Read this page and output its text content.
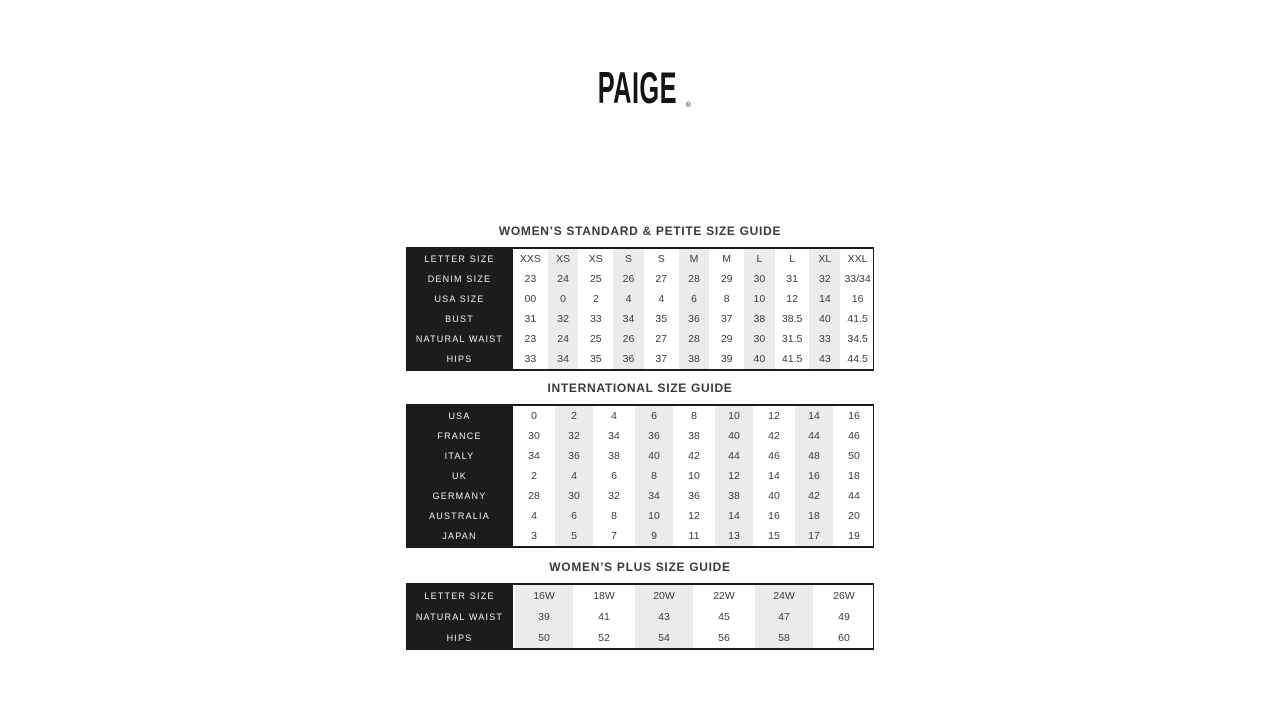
PAIGE ®
WOMEN’S STANDARD & PETITE SIZE GUIDE
LETTER SIZE	XXS	XS	XS	S	S	M	M	L	L	XL	XXL
DENIM SIZE	23	24	25	26	27	28	29	30	31	32	33/34
USA SIZE	00	0	2	4	4	6	8	10	12	14	16
BUST	31	32	33	34	35	36	37	38	38.5	40	41.5
NATURAL WAIST	23	24	25	26	27	28	29	30	31.5	33	34.5
HIPS	33	34	35	36	37	38	39	40	41.5	43	44.5
INTERNATIONAL SIZE GUIDE
USA	0	2	4	6	8	10	12	14	16
FRANCE	30	32	34	36	38	40	42	44	46
ITALY	34	36	38	40	42	44	46	48	50
UK	2	4	6	8	10	12	14	16	18
GERMANY	28	30	32	34	36	38	40	42	44
AUSTRALIA	4	6	8	10	12	14	16	18	20
JAPAN	3	5	7	9	11	13	15	17	19
WOMEN’S PLUS SIZE GUIDE
LETTER SIZE	16W	18W	20W	22W	24W	26W
NATURAL WAIST	39	41	43	45	47	49
HIPS	50	52	54	56	58	60
